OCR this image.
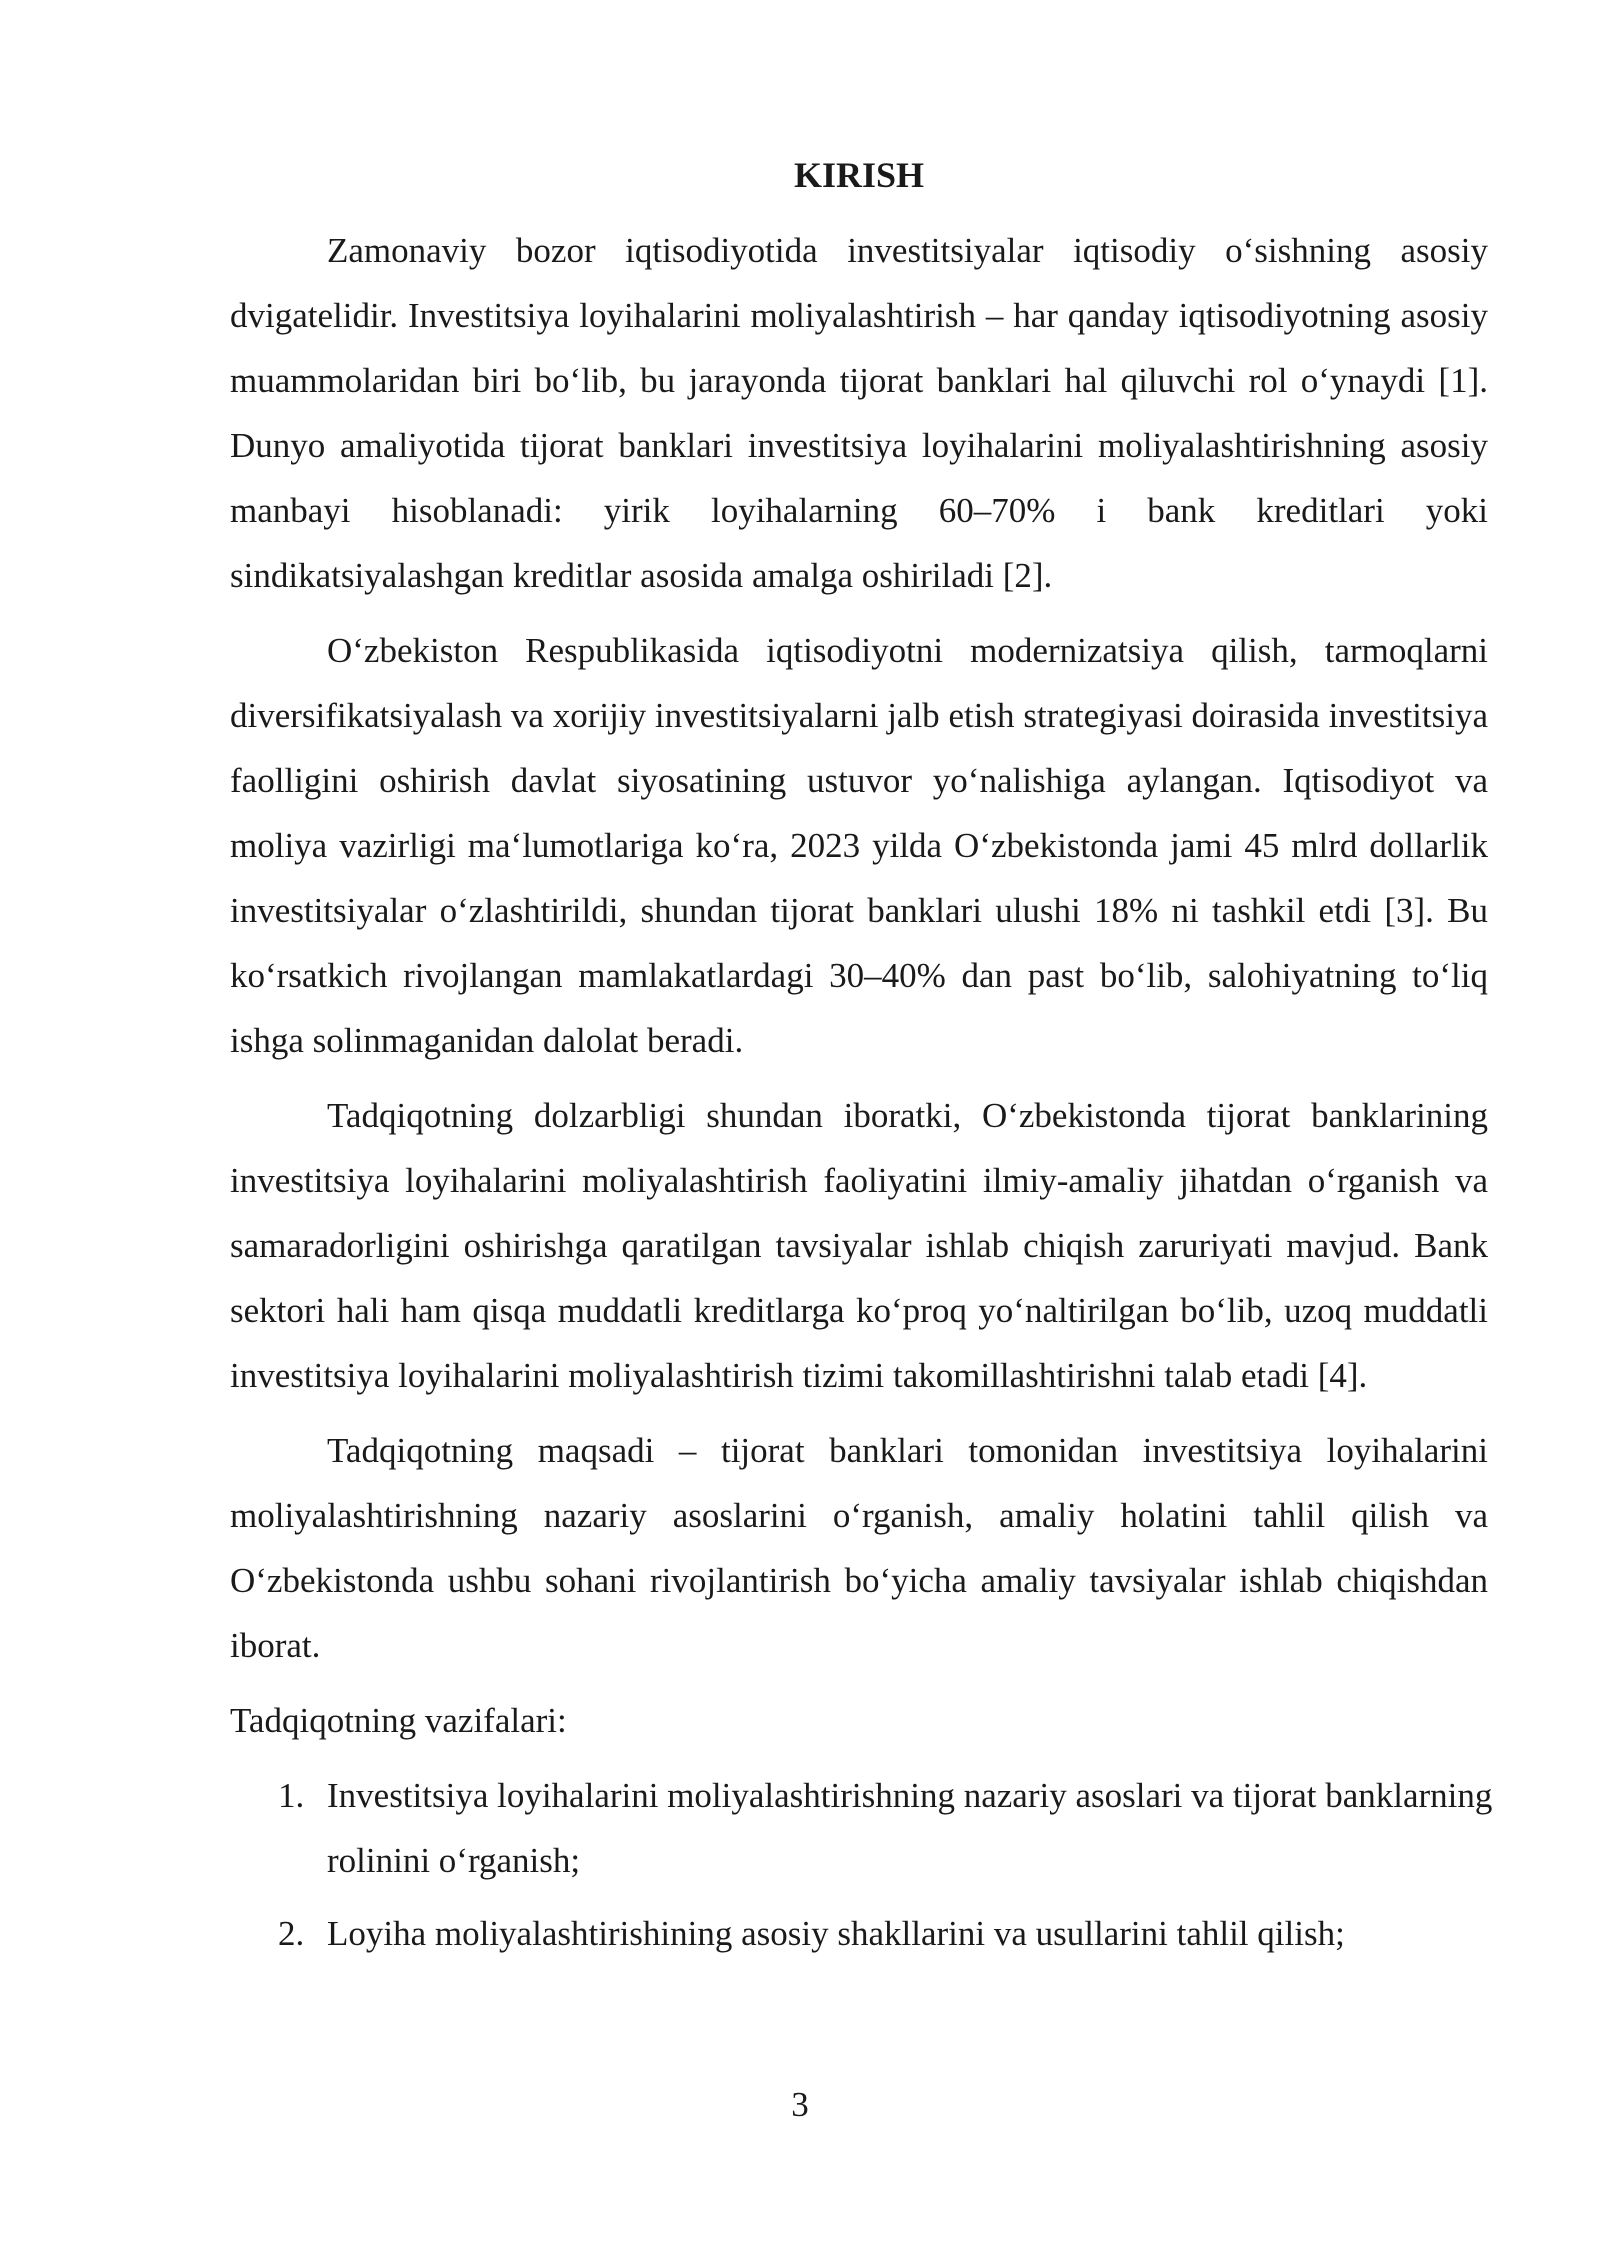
KIRISH

Zamonaviy bozor iqtisodiyotida investitsiyalar iqtisodiy oʻsishning asosiy dvigatelidir. Investitsiya loyihalarini moliyalashtirish – har qanday iqtisodiyotning asosiy muammolaridan biri boʻlib, bu jarayonda tijorat banklari hal qiluvchi rol oʻynaydi [1]. Dunyo amaliyotida tijorat banklari investitsiya loyihalarini moliyalashtirishning asosiy manbayi hisoblanadi: yirik loyihalarning 60–70% i bank kreditlari yoki sindikatsiyalashgan kreditlar asosida amalga oshiriladi [2].

Oʻzbekiston Respublikasida iqtisodiyotni modernizatsiya qilish, tarmoqlarni diversifikatsiyalash va xorijiy investitsiyalarni jalb etish strategiyasi doirasida investitsiya faolligini oshirish davlat siyosatining ustuvor yoʻnalishiga aylangan. Iqtisodiyot va moliya vazirligi maʻlumotlariga koʻra, 2023 yilda Oʻzbekistonda jami 45 mlrd dollarlik investitsiyalar oʻzlashtirildi, shundan tijorat banklari ulushi 18% ni tashkil etdi [3]. Bu koʻrsatkich rivojlangan mamlakatlardagi 30–40% dan past boʻlib, salohiyatning toʻliq ishga solinmaganidan dalolat beradi.

Tadqiqotning dolzarbligi shundan iboratki, Oʻzbekistonda tijorat banklarining investitsiya loyihalarini moliyalashtirish faoliyatini ilmiy-amaliy jihatdan oʻrganish va samaradorligini oshirishga qaratilgan tavsiyalar ishlab chiqish zaruriyati mavjud. Bank sektori hali ham qisqa muddatli kreditlarga koʻproq yoʻnaltirilgan boʻlib, uzoq muddatli investitsiya loyihalarini moliyalashtirish tizimi takomillashtirishni talab etadi [4].

Tadqiqotning maqsadi – tijorat banklari tomonidan investitsiya loyihalarini moliyalashtirishning nazariy asoslarini oʻrganish, amaliy holatini tahlil qilish va Oʻzbekistonda ushbu sohani rivojlantirish boʻyicha amaliy tavsiyalar ishlab chiqishdan iborat.

Tadqiqotning vazifalari:

1. Investitsiya loyihalarini moliyalashtirishning nazariy asoslari va tijorat banklarning rolinini oʻrganish;
2. Loyiha moliyalashtirishining asosiy shakllarini va usullarini tahlil qilish;
3
